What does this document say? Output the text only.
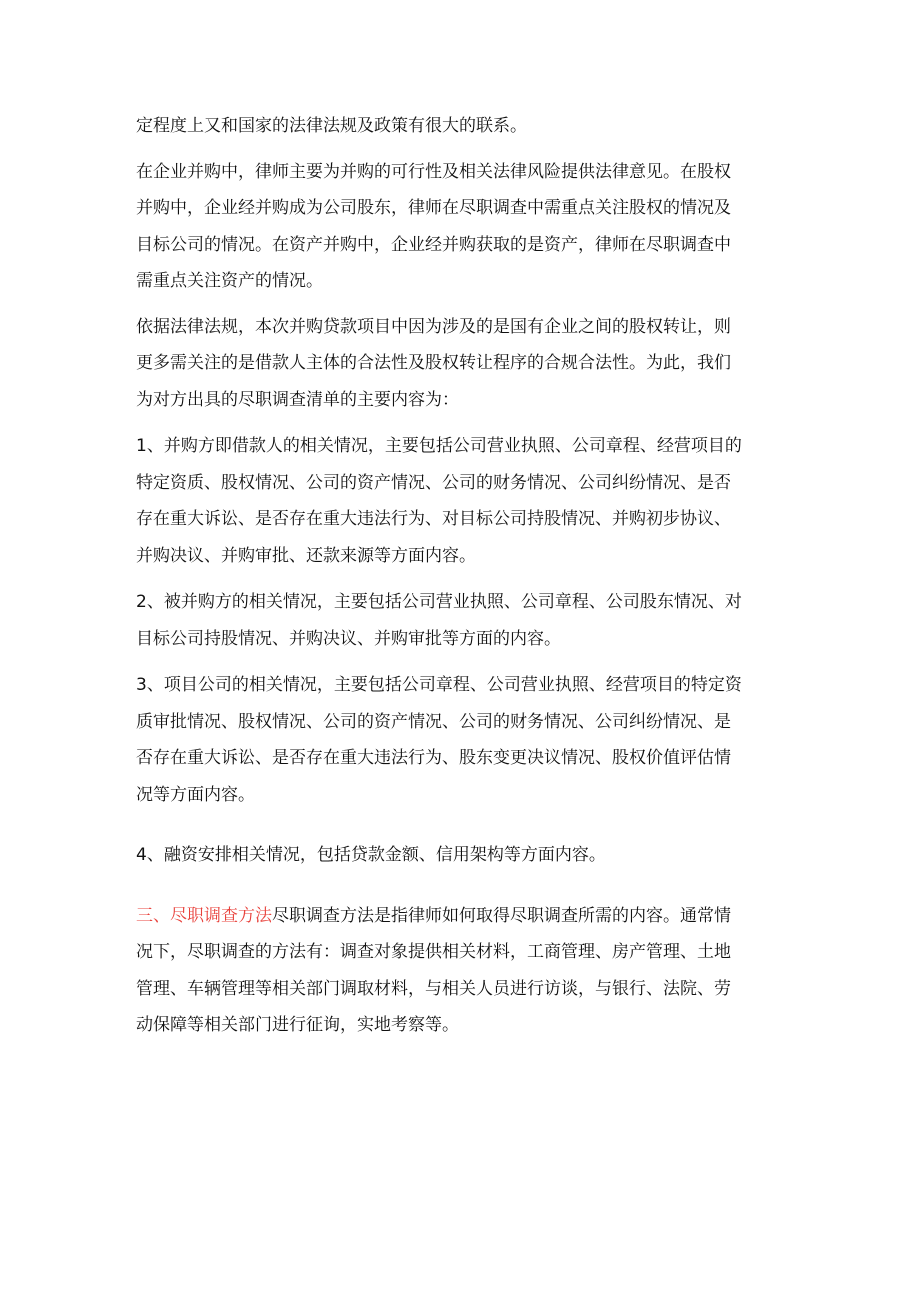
定程度上又和国家的法律法规及政策有很大的联系。

在企业并购中，律师主要为并购的可行性及相关法律风险提供法律意见。在股权
并购中，企业经并购成为公司股东，律师在尽职调查中需重点关注股权的情况及
目标公司的情况。在资产并购中，企业经并购获取的是资产，律师在尽职调查中
需重点关注资产的情况。

依据法律法规，本次并购贷款项目中因为涉及的是国有企业之间的股权转让，则
更多需关注的是借款人主体的合法性及股权转让程序的合规合法性。为此，我们
为对方出具的尽职调查清单的主要内容为：

1、并购方即借款人的相关情况，主要包括公司营业执照、公司章程、经营项目的
特定资质、股权情况、公司的资产情况、公司的财务情况、公司纠纷情况、是否
存在重大诉讼、是否存在重大违法行为、对目标公司持股情况、并购初步协议、
并购决议、并购审批、还款来源等方面内容。

2、被并购方的相关情况，主要包括公司营业执照、公司章程、公司股东情况、对
目标公司持股情况、并购决议、并购审批等方面的内容。

3、项目公司的相关情况，主要包括公司章程、公司营业执照、经营项目的特定资
质审批情况、股权情况、公司的资产情况、公司的财务情况、公司纠纷情况、是
否存在重大诉讼、是否存在重大违法行为、股东变更决议情况、股权价值评估情
况等方面内容。

4、融资安排相关情况，包括贷款金额、信用架构等方面内容。

三、尽职调查方法尽职调查方法是指律师如何取得尽职调查所需的内容。通常情
况下，尽职调查的方法有：调查对象提供相关材料，工商管理、房产管理、土地
管理、车辆管理等相关部门调取材料，与相关人员进行访谈，与银行、法院、劳
动保障等相关部门进行征询，实地考察等。
